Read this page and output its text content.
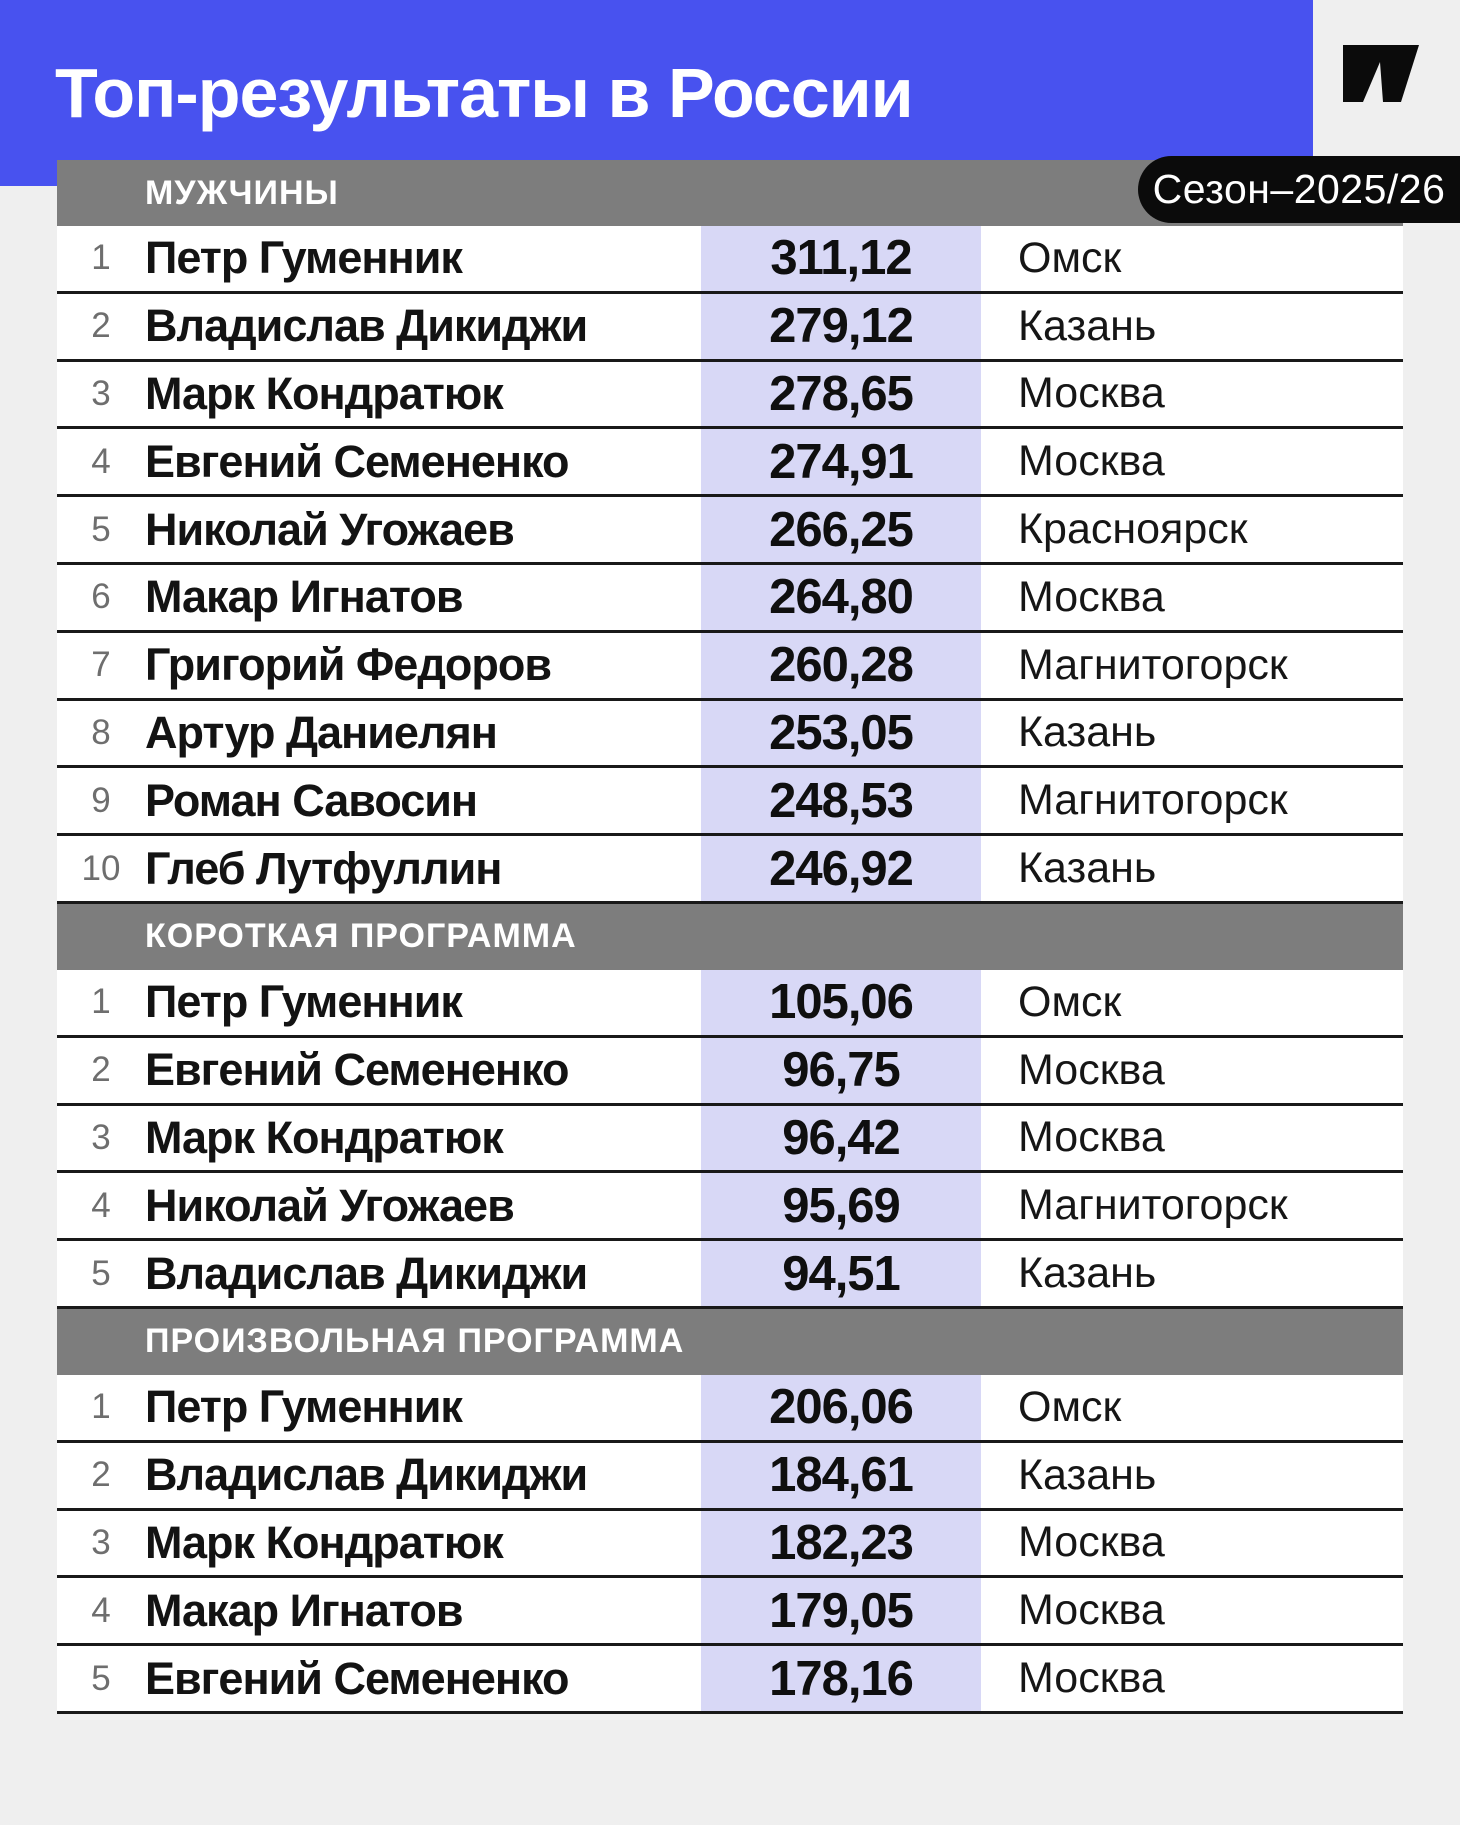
Топ-результаты в России
Сезон–2025/26
МУЖЧИНЫ
1 Петр Гуменник	311,12	Омск
2 Владислав Дикиджи	279,12	Казань
3 Марк Кондратюк	278,65	Москва
4 Евгений Семененко	274,91	Москва
5 Николай Угожаев	266,25	Красноярск
6 Макар Игнатов	264,80	Москва
7 Григорий Федоров	260,28	Магнитогорск
8 Артур Даниелян	253,05	Казань
9 Роман Савосин	248,53	Магнитогорск
10 Глеб Лутфуллин	246,92	Казань
КОРОТКАЯ ПРОГРАММА
1 Петр Гуменник	105,06	Омск
2 Евгений Семененко	96,75	Москва
3 Марк Кондратюк	96,42	Москва
4 Николай Угожаев	95,69	Магнитогорск
5 Владислав Дикиджи	94,51	Казань
ПРОИЗВОЛЬНАЯ ПРОГРАММА
1 Петр Гуменник	206,06	Омск
2 Владислав Дикиджи	184,61	Казань
3 Марк Кондратюк	182,23	Москва
4 Макар Игнатов	179,05	Москва
5 Евгений Семененко	178,16	Москва
